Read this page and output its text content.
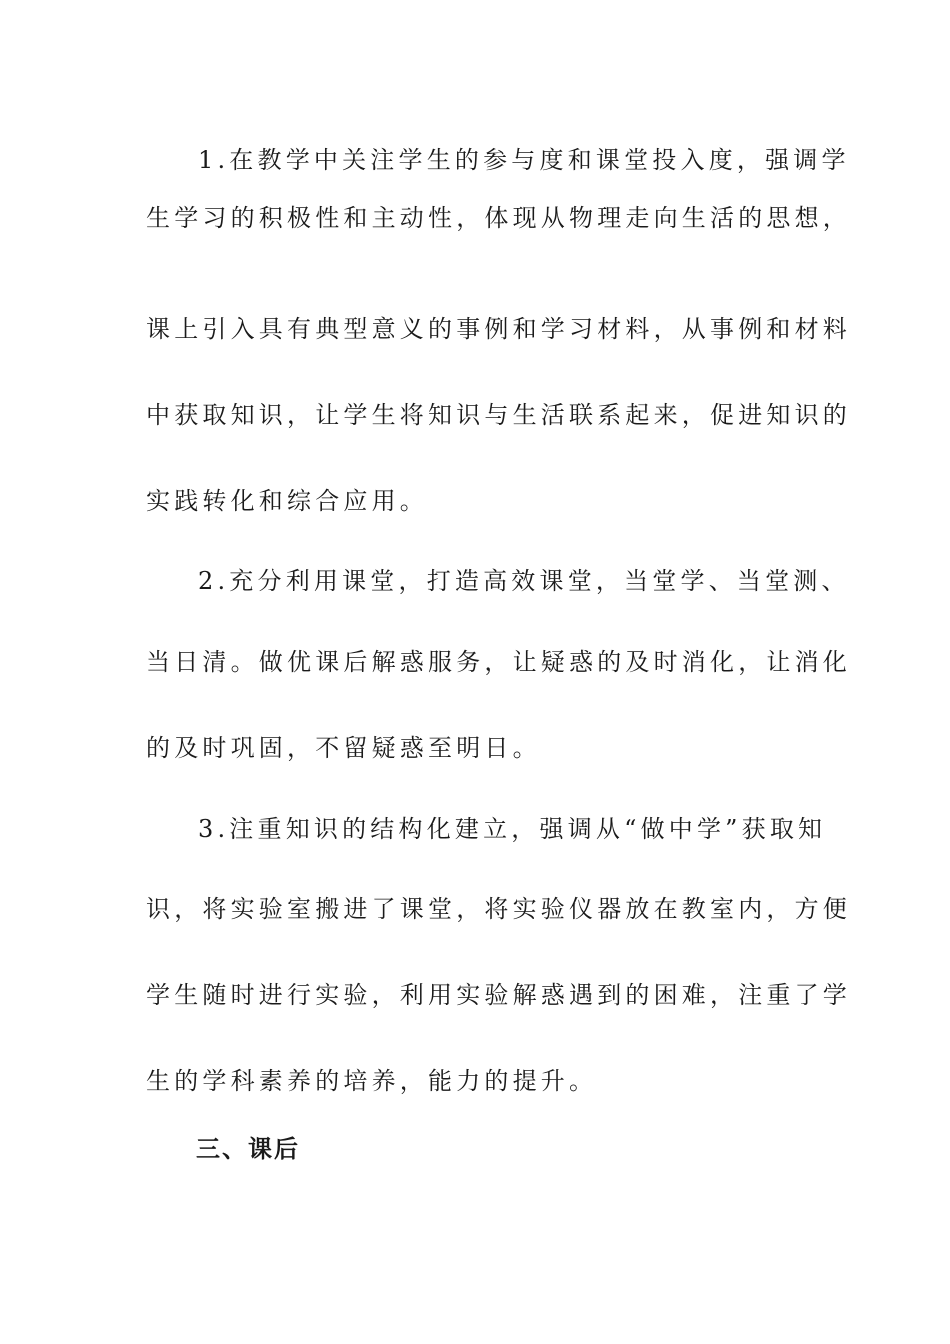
1.在教学中关注学生的参与度和课堂投入度，强调学
生学习的积极性和主动性，体现从物理走向生活的思想，
课上引入具有典型意义的事例和学习材料，从事例和材料
中获取知识，让学生将知识与生活联系起来，促进知识的
实践转化和综合应用。
2.充分利用课堂，打造高效课堂，当堂学、当堂测、
当日清。做优课后解惑服务，让疑惑的及时消化，让消化
的及时巩固，不留疑惑至明日。
3.注重知识的结构化建立，强调从“做中学”获取知
识，将实验室搬进了课堂，将实验仪器放在教室内，方便
学生随时进行实验，利用实验解惑遇到的困难，注重了学
生的学科素养的培养，能力的提升。
三、课后
